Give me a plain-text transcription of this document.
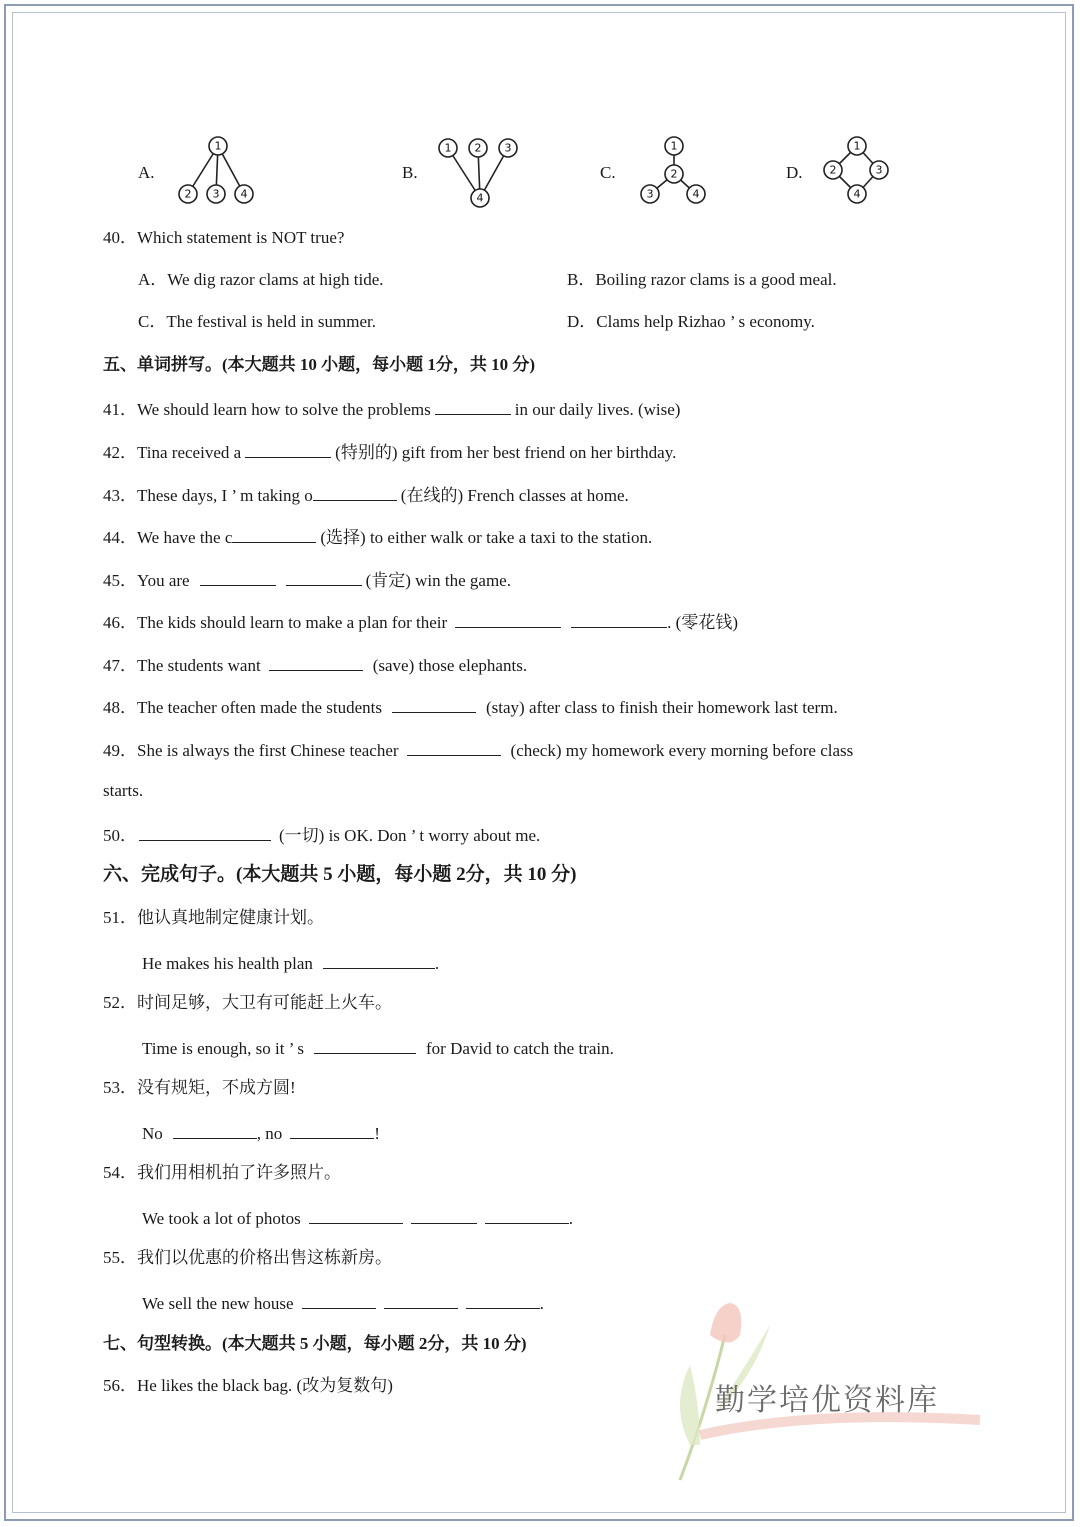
A.
1
2 3 4
B.
1 2 3
4
C.
1
2
3	4
D.
1
2	3
4
40．Which statement is NOT true?
A．We dig razor clams at high tide.	B．Boiling razor clams is a good meal.
C．The festival is held in summer.	D．Clams help Rizhao ’ s economy.
五、单词拼写。(本大题共 10 小题，每小题 1分，共 10 分)
41．We should learn how to solve the problems	in our daily lives. (wise)
42．Tina received a	(特别的) gift from her best friend on her birthday.
43．These days, I ’ m taking o	(在线的) French classes at home.
44．We have the c	(选择) to either walk or take a taxi to the station.
45．You are	(肯定) win the game.
46．The kids should learn to make a plan for their	. (零花钱)
47．The students want	(save) those elephants.
48．The teacher often made the students	(stay) after class to finish their homework last term.
49．She is always the first Chinese teacher	(check) my homework every morning before class
starts.
50．	(一切) is OK. Don ’ t worry about me.
六、完成句子。(本大题共 5 小题，每小题 2分，共 10 分)
51．他认真地制定健康计划。
He makes his health plan	.
52．时间足够，大卫有可能赶上火车。
Time is enough, so it ’ s	for David to catch the train.
53．没有规矩，不成方圆!
No	, no	!
54．我们用相机拍了许多照片。
We took a lot of photos	.
55．我们以优惠的价格出售这栋新房。
We sell the new house	.
七、句型转换。(本大题共 5 小题，每小题 2分，共 10 分)
56．He likes the black bag. (改为复数句)	勤学培优资料库
